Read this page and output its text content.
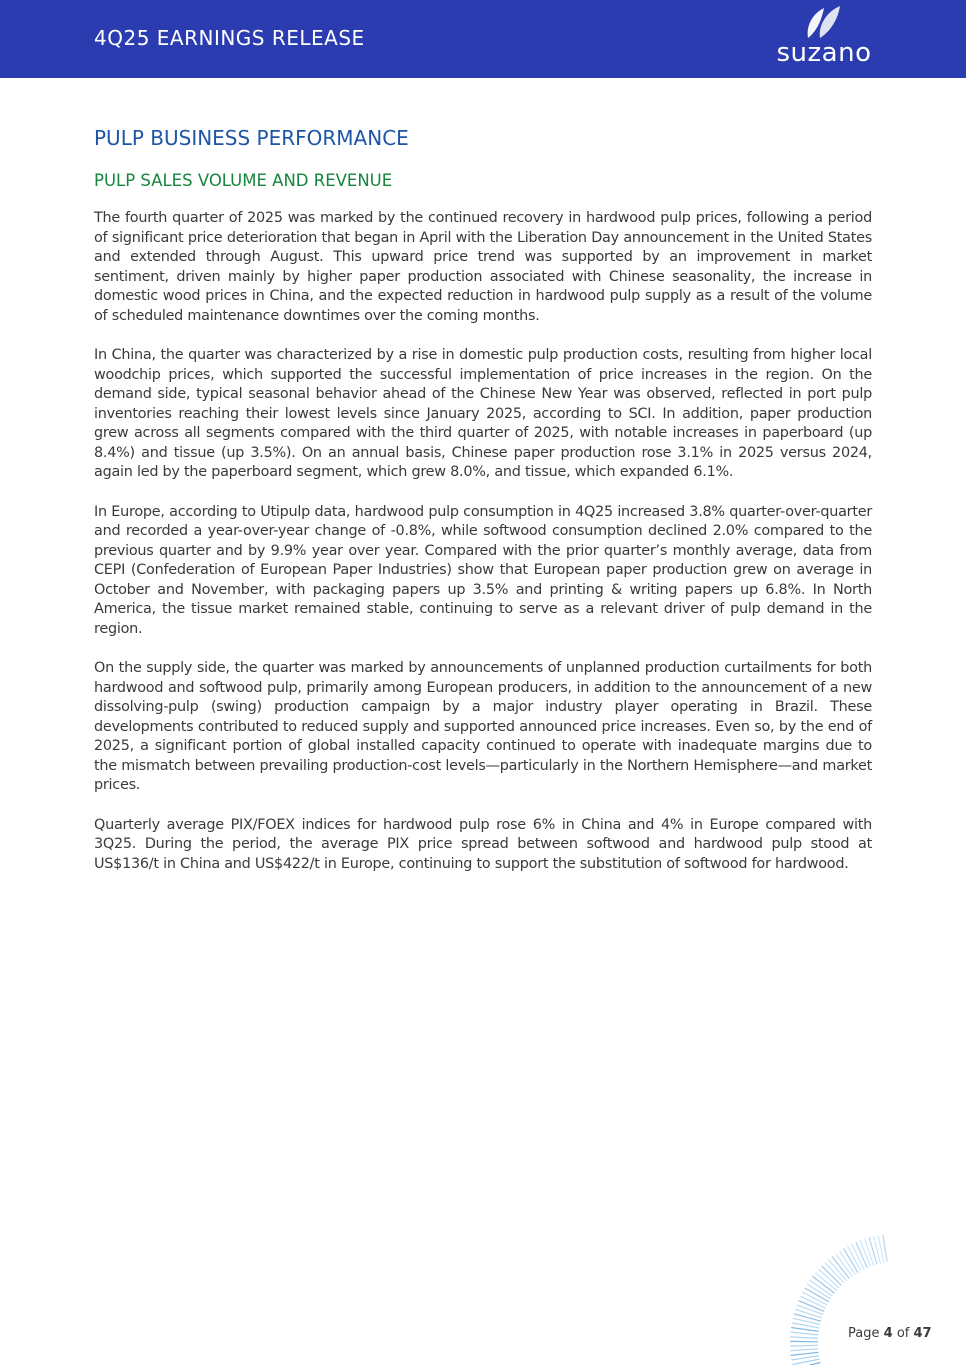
4Q25 EARNINGS RELEASE	suzano
PULP BUSINESS PERFORMANCE
PULP SALES VOLUME AND REVENUE

The fourth quarter of 2025 was marked by the continued recovery in hardwood pulp prices, following a period of significant price deterioration that began in April with the Liberation Day announcement in the United States and extended through August. This upward price trend was supported by an improvement in market sentiment, driven mainly by higher paper production associated with Chinese seasonality, the increase in domestic wood prices in China, and the expected reduction in hardwood pulp supply as a result of the volume of scheduled maintenance downtimes over the coming months.

In China, the quarter was characterized by a rise in domestic pulp production costs, resulting from higher local woodchip prices, which supported the successful implementation of price increases in the region. On the demand side, typical seasonal behavior ahead of the Chinese New Year was observed, reflected in port pulp inventories reaching their lowest levels since January 2025, according to SCI. In addition, paper production grew across all segments compared with the third quarter of 2025, with notable increases in paperboard (up 8.4%) and tissue (up 3.5%). On an annual basis, Chinese paper production rose 3.1% in 2025 versus 2024, again led by the paperboard segment, which grew 8.0%, and tissue, which expanded 6.1%.

In Europe, according to Utipulp data, hardwood pulp consumption in 4Q25 increased 3.8% quarter-over-quarter and recorded a year-over-year change of -0.8%, while softwood consumption declined 2.0% compared to the previous quarter and by 9.9% year over year. Compared with the prior quarter’s monthly average, data from CEPI (Confederation of European Paper Industries) show that European paper production grew on average in October and November, with packaging papers up 3.5% and printing & writing papers up 6.8%. In North America, the tissue market remained stable, continuing to serve as a relevant driver of pulp demand in the region.

On the supply side, the quarter was marked by announcements of unplanned production curtailments for both hardwood and softwood pulp, primarily among European producers, in addition to the announcement of a new dissolving-pulp (swing) production campaign by a major industry player operating in Brazil. These developments contributed to reduced supply and supported announced price increases. Even so, by the end of 2025, a significant portion of global installed capacity continued to operate with inadequate margins due to the mismatch between prevailing production-cost levels—particularly in the Northern Hemisphere—and market prices.

Quarterly average PIX/FOEX indices for hardwood pulp rose 6% in China and 4% in Europe compared with 3Q25. During the period, the average PIX price spread between softwood and hardwood pulp stood at US$136/t in China and US$422/t in Europe, continuing to support the substitution of softwood for hardwood.

Page 4 of 47
